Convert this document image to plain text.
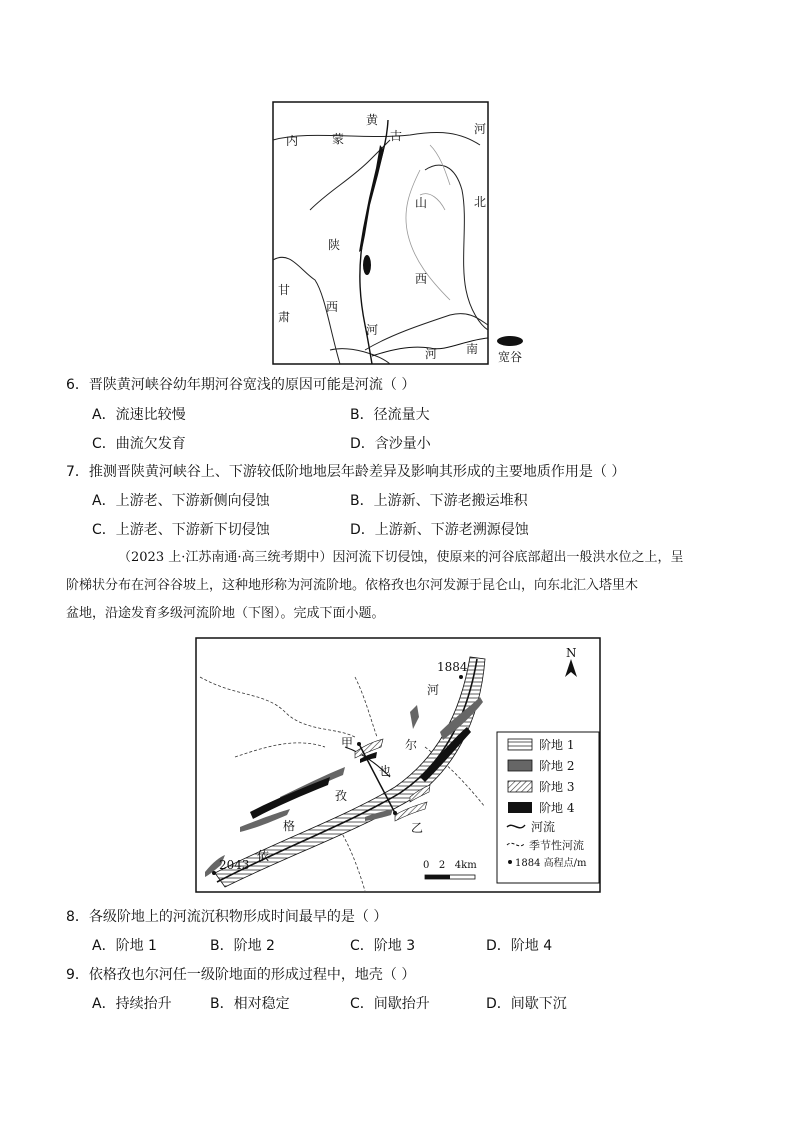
内	蒙
黄
古	河
山	北
陕
西
甘
西
肃
河
河 南
宽谷
6．晋陕黄河峡谷幼年期河谷宽浅的原因可能是河流（ ）
A．流速比较慢	B．径流量大
C．曲流欠发育	D．含沙量小
7．推测晋陕黄河峡谷上、下游较低阶地地层年龄差异及影响其形成的主要地质作用是（ ）
A．上游老、下游新侧向侵蚀	B．上游新、下游老搬运堆积
C．上游老、下游新下切侵蚀	D．上游新、下游老溯源侵蚀
（2023 上·江苏南通·高三统考期中）因河流下切侵蚀，使原来的河谷底部超出一般洪水位之上，呈
阶梯状分布在河谷谷坡上，这种地形称为河流阶地。依格孜也尔河发源于昆仑山，向东北汇入塔里木
盆地，沿途发育多级河流阶地（下图）。完成下面小题。
1884
2043
河
尔
也
孜
格
依
甲
乙
N
阶地 1
阶地 2
阶地 3
阶地 4
河流
季节性河流
1884 高程点/m
0   2   4km
8．各级阶地上的河流沉积物形成时间最早的是（ ）
A．阶地 1	B．阶地 2	C．阶地 3	D．阶地 4
9．依格孜也尔河任一级阶地面的形成过程中，地壳（ ）
A．持续抬升	B．相对稳定	C．间歇抬升	D．间歇下沉
